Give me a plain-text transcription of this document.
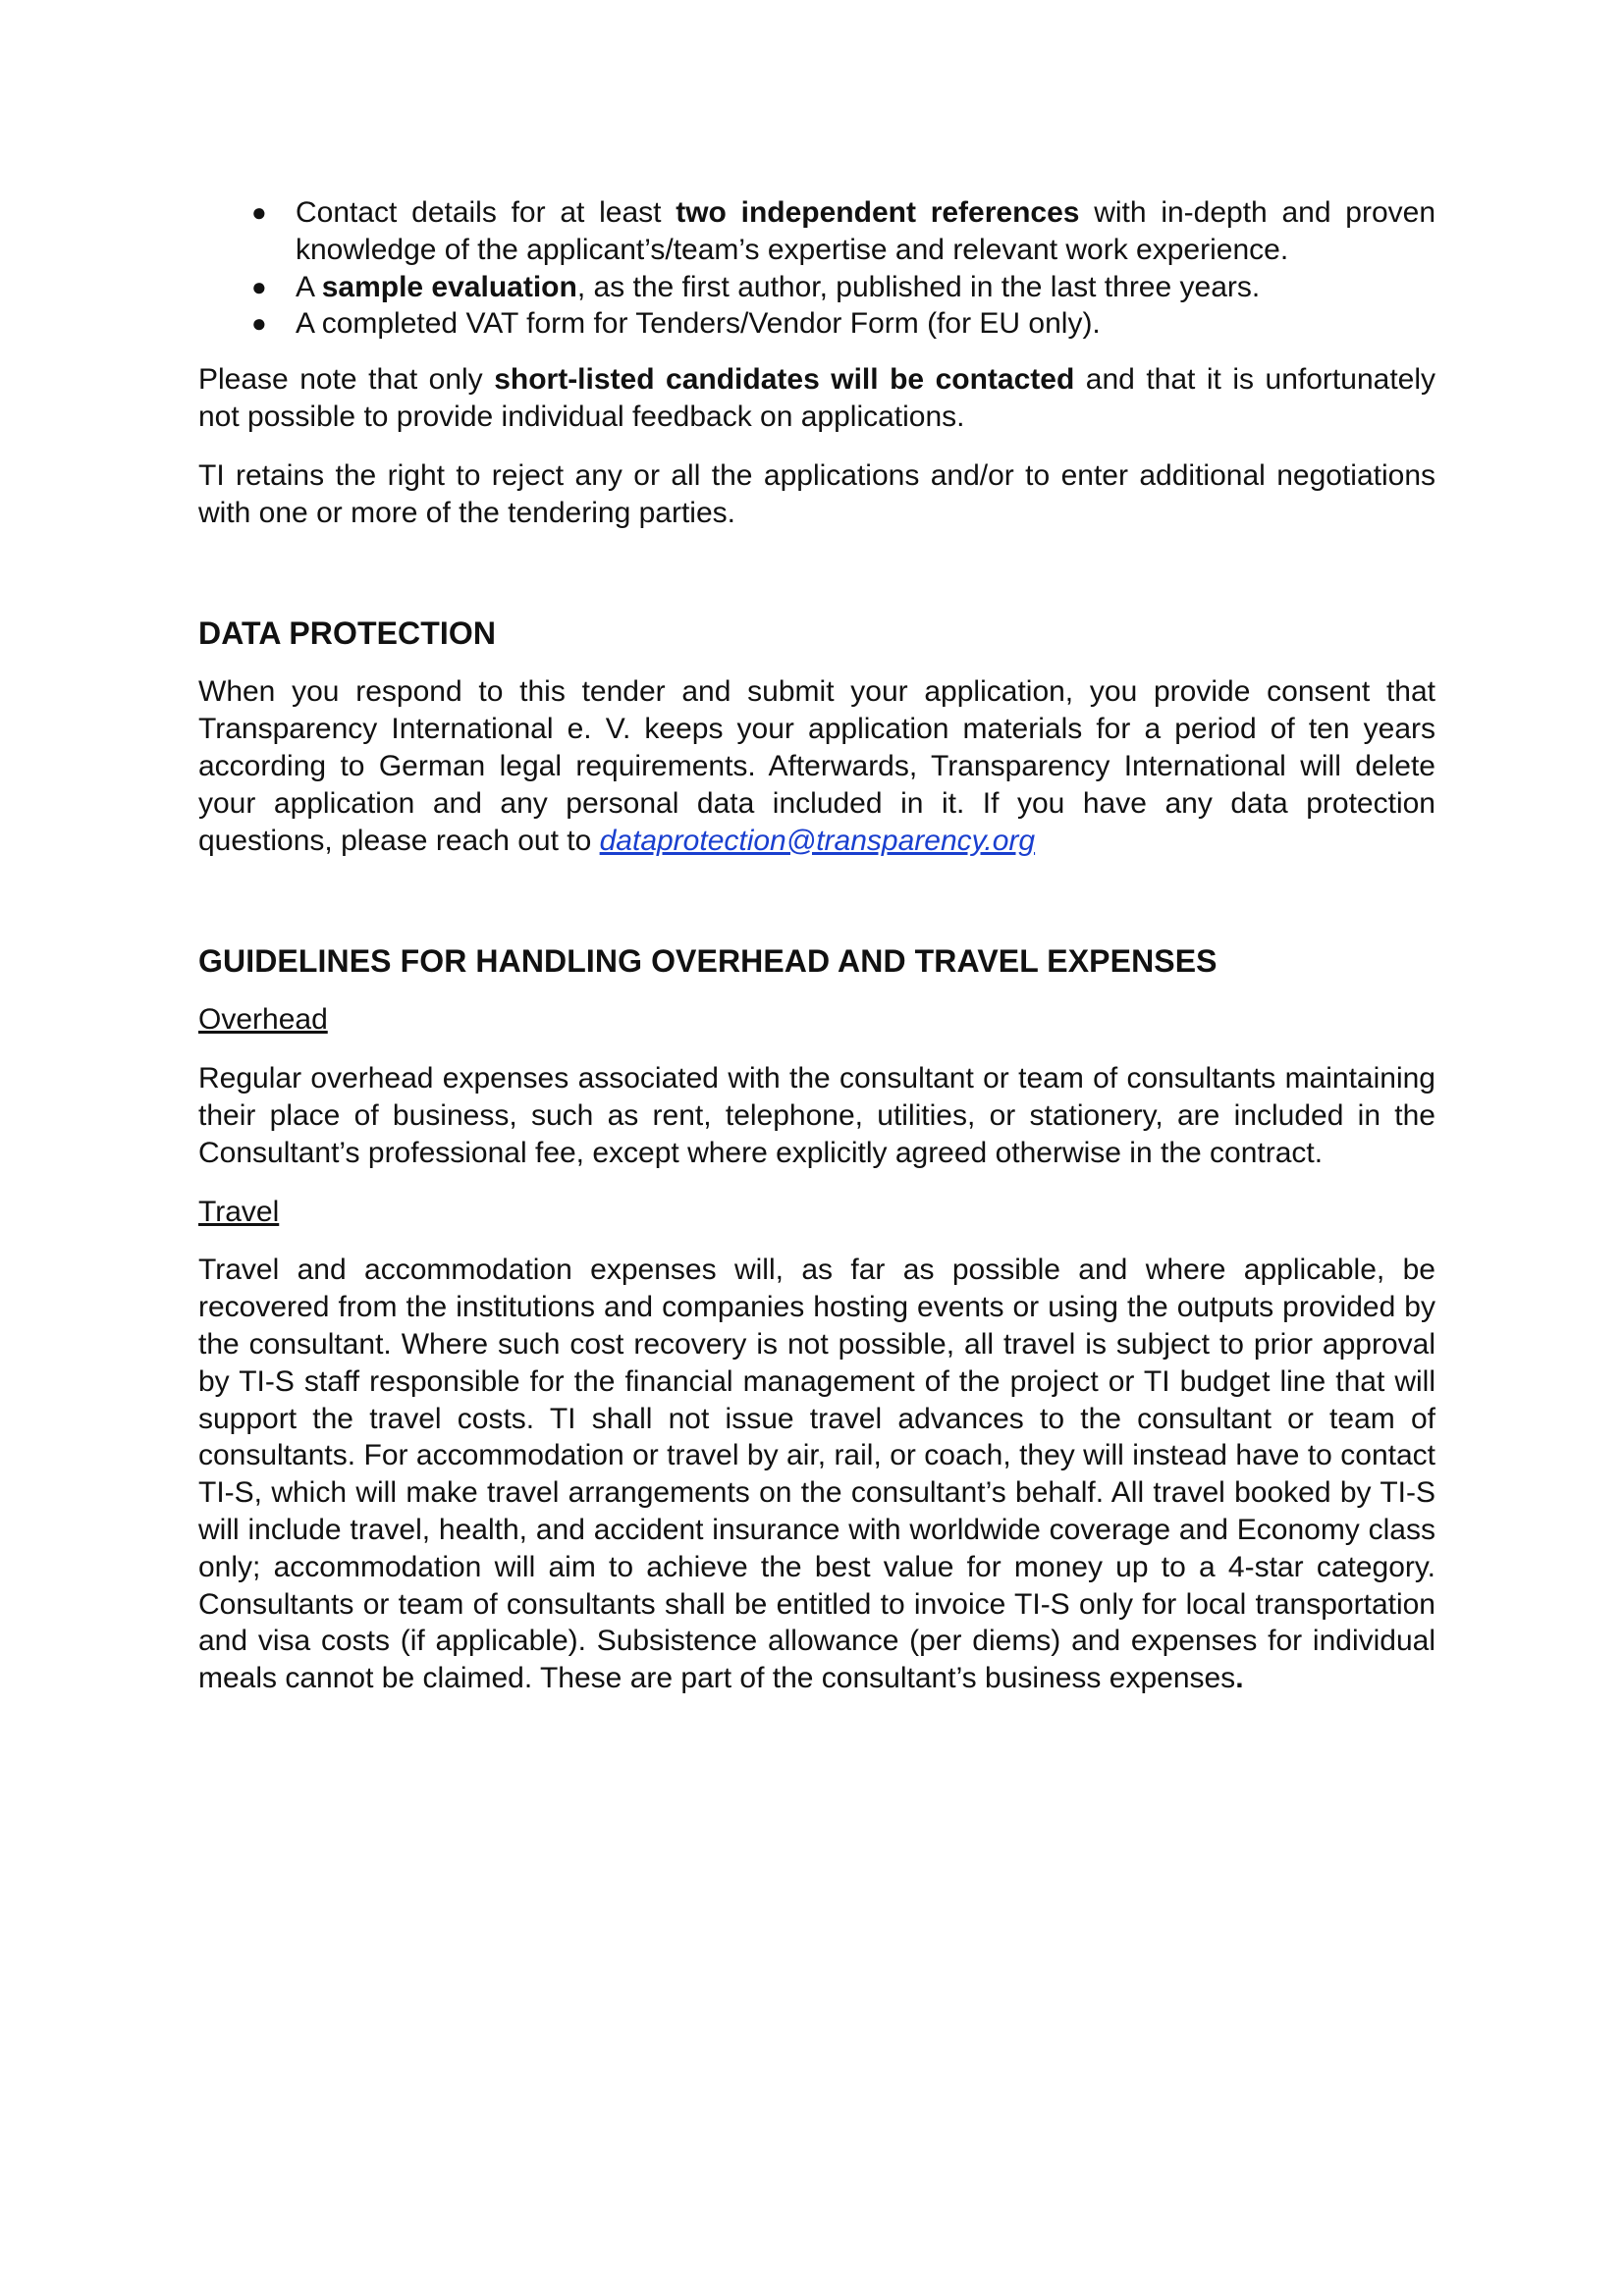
● Contact details for at least two independent references with in-depth and proven knowledge of the applicant’s/team’s expertise and relevant work experience.
● A sample evaluation, as the first author, published in the last three years.
● A completed VAT form for Tenders/Vendor Form (for EU only).

Please note that only short-listed candidates will be contacted and that it is unfortunately not possible to provide individual feedback on applications.

TI retains the right to reject any or all the applications and/or to enter additional negotiations with one or more of the tendering parties.

DATA PROTECTION

When you respond to this tender and submit your application, you provide consent that Transparency International e. V. keeps your application materials for a period of ten years according to German legal requirements. Afterwards, Transparency International will delete your application and any personal data included in it. If you have any data protection questions, please reach out to dataprotection@transparency.org

GUIDELINES FOR HANDLING OVERHEAD AND TRAVEL EXPENSES
Overhead

Regular overhead expenses associated with the consultant or team of consultants maintaining their place of business, such as rent, telephone, utilities, or stationery, are included in the Consultant’s professional fee, except where explicitly agreed otherwise in the contract.

Travel

Travel and accommodation expenses will, as far as possible and where applicable, be recovered from the institutions and companies hosting events or using the outputs provided by the consultant. Where such cost recovery is not possible, all travel is subject to prior approval by TI-S staff responsible for the financial management of the project or TI budget line that will support the travel costs. TI shall not issue travel advances to the consultant or team of consultants. For accommodation or travel by air, rail, or coach, they will instead have to contact TI-S, which will make travel arrangements on the consultant’s behalf. All travel booked by TI-S will include travel, health, and accident insurance with worldwide coverage and Economy class only; accommodation will aim to achieve the best value for money up to a 4-star category. Consultants or team of consultants shall be entitled to invoice TI-S only for local transportation and visa costs (if applicable). Subsistence allowance (per diems) and expenses for individual meals cannot be claimed. These are part of the consultant’s business expenses.
